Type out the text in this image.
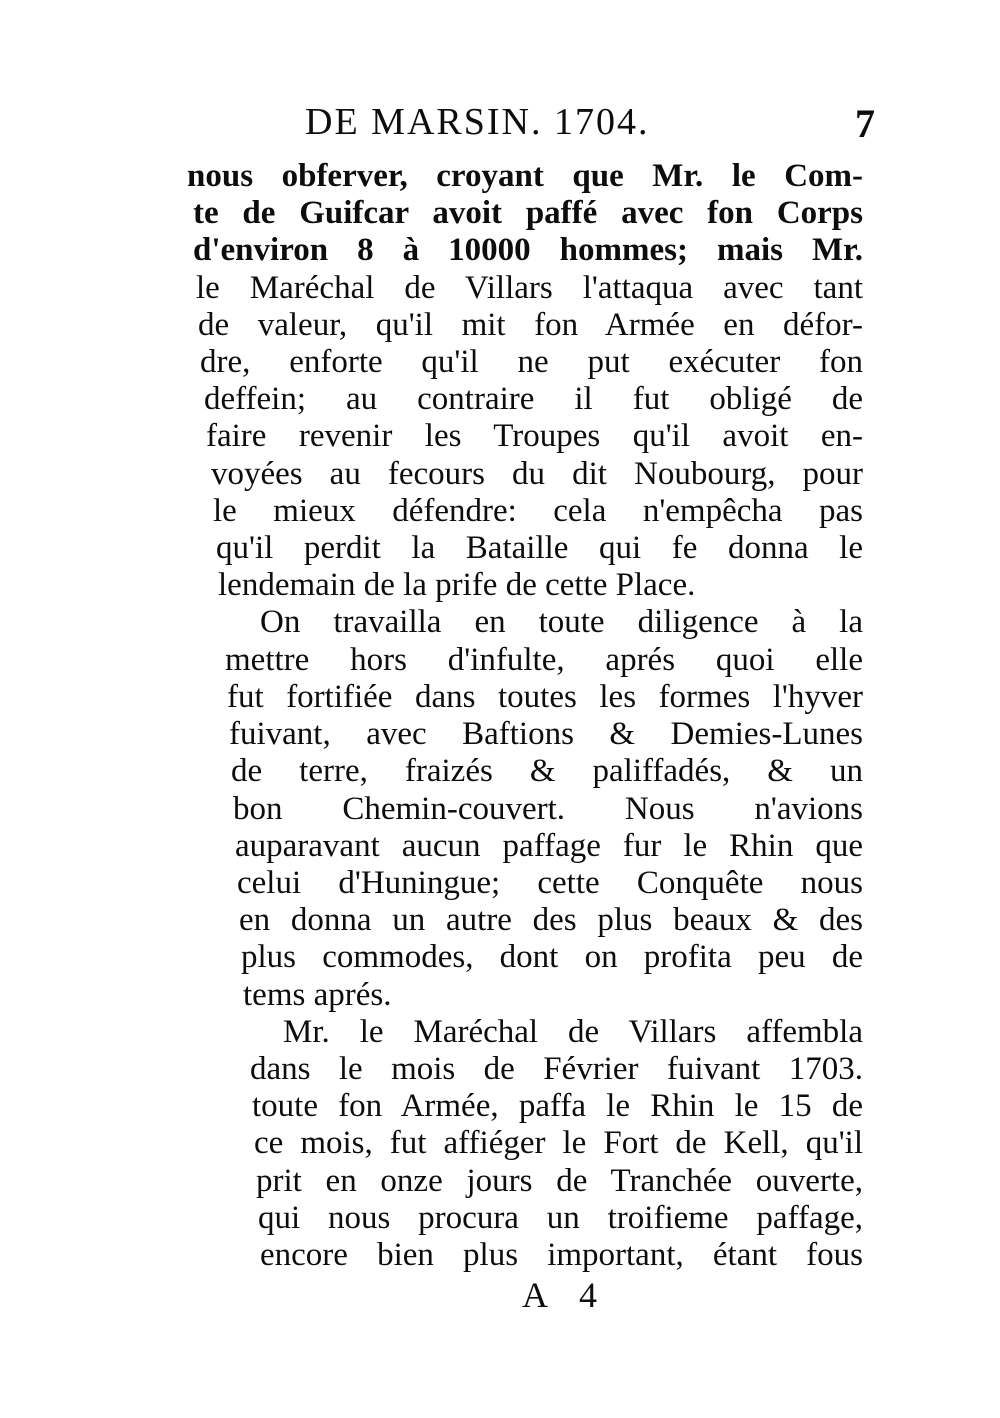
DE MARSIN. 1704.	7
nous obferver, croyant que Mr. le Com-
te de Guifcar avoit paffé avec fon Corps
d'environ 8 à 10000 hommes; mais Mr.
le Maréchal de Villars l'attaqua avec tant
de valeur, qu'il mit fon Armée en défor-
dre, enforte qu'il ne put exécuter fon
deffein; au contraire il fut obligé de
faire revenir les Troupes qu'il avoit en-
voyées au fecours du dit Noubourg, pour
le mieux défendre: cela n'empêcha pas
qu'il perdit la Bataille qui fe donna le
lendemain de la prife de cette Place.
On travailla en toute diligence à la
mettre hors d'infulte, aprés quoi elle
fut fortifiée dans toutes les formes l'hyver
fuivant, avec Baftions & Demies-Lunes
de terre, fraizés & paliffadés, & un
bon Chemin-couvert. Nous n'avions
auparavant aucun paffage fur le Rhin que
celui d'Huningue; cette Conquête nous
en donna un autre des plus beaux & des
plus commodes, dont on profita peu de
tems aprés.
Mr. le Maréchal de Villars affembla
dans le mois de Février fuivant 1703.
toute fon Armée, paffa le Rhin le 15 de
ce mois, fut affiéger le Fort de Kell, qu'il
prit en onze jours de Tranchée ouverte,
qui nous procura un troifieme paffage,
encore bien plus important, étant fous
A 4
